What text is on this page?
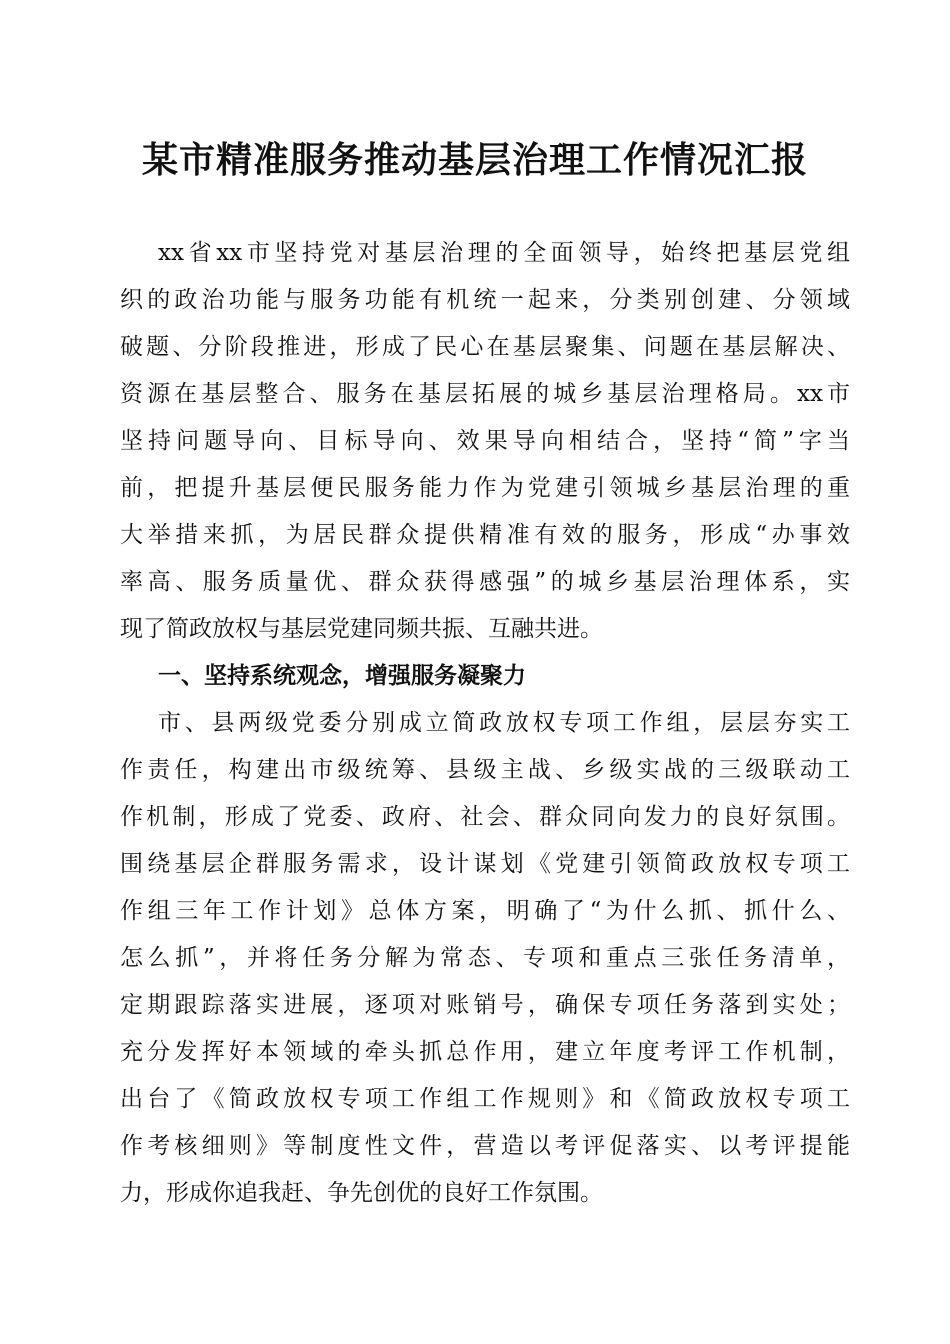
某市精准服务推动基层治理工作情况汇报

xx省xx市坚持党对基层治理的全面领导，始终把基层党组

织的政治功能与服务功能有机统一起来，分类别创建、分领域

破题、分阶段推进，形成了民心在基层聚集、问题在基层解决、

资源在基层整合、服务在基层拓展的城乡基层治理格局。xx市

坚持问题导向、目标导向、效果导向相结合，坚持“简”字当

前，把提升基层便民服务能力作为党建引领城乡基层治理的重

大举措来抓，为居民群众提供精准有效的服务，形成“办事效

率高、服务质量优、群众获得感强”的城乡基层治理体系，实

现了简政放权与基层党建同频共振、互融共进。

一、坚持系统观念，增强服务凝聚力

市、县两级党委分别成立简政放权专项工作组，层层夯实工

作责任，构建出市级统筹、县级主战、乡级实战的三级联动工

作机制，形成了党委、政府、社会、群众同向发力的良好氛围。

围绕基层企群服务需求，设计谋划《党建引领简政放权专项工

作组三年工作计划》总体方案，明确了“为什么抓、抓什么、

怎么抓”，并将任务分解为常态、专项和重点三张任务清单，

定期跟踪落实进展，逐项对账销号，确保专项任务落到实处；

充分发挥好本领域的牵头抓总作用，建立年度考评工作机制，

出台了《简政放权专项工作组工作规则》和《简政放权专项工

作考核细则》等制度性文件，营造以考评促落实、以考评提能

力，形成你追我赶、争先创优的良好工作氛围。
